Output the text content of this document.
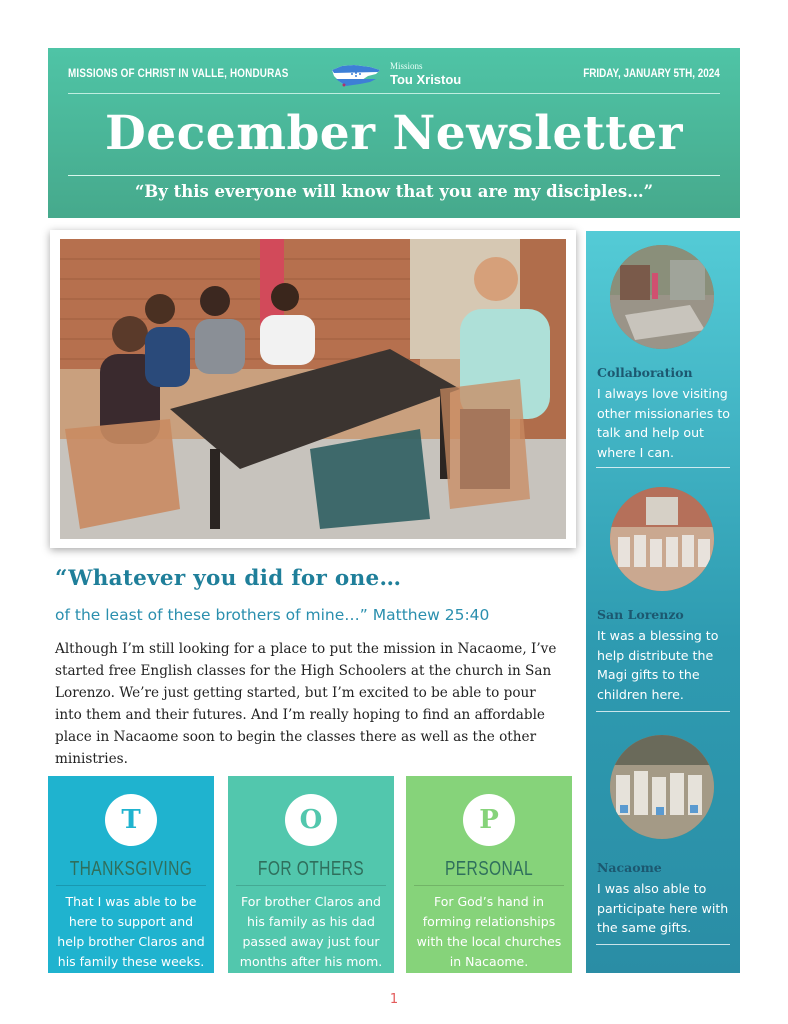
MISSIONS OF CHRIST IN VALLE, HONDURAS
Missions
Tou Xristou	FRIDAY, JANUARY 5TH, 2024
December Newsletter
“By this everyone will know that you are my disciples…”
“Whatever you did for one…
of the least of these brothers of mine…” Matthew 25:40

Although I’m still looking for a place to put the mission in Nacaome, I’ve started free English classes for the High Schoolers at the church in San Lorenzo. We’re just getting started, but I’m excited to be able to pour into them and their futures. And I’m really hoping to find an affordable place in Nacaome soon to begin the classes there as well as the other ministries.

T
THANKSGIVING

That I was able to be here to support and help brother Claros and his family these weeks.

O
FOR OTHERS

For brother Claros and his family as his dad passed away just four months after his mom.

P
PERSONAL

For God’s hand in forming relationships with the local churches in Nacaome.

Collaboration

I always love visiting other missionaries to talk and help out where I can.

San Lorenzo

It was a blessing to help distribute the Magi gifts to the children here.

Nacaome

I was also able to participate here with the same gifts.

1
